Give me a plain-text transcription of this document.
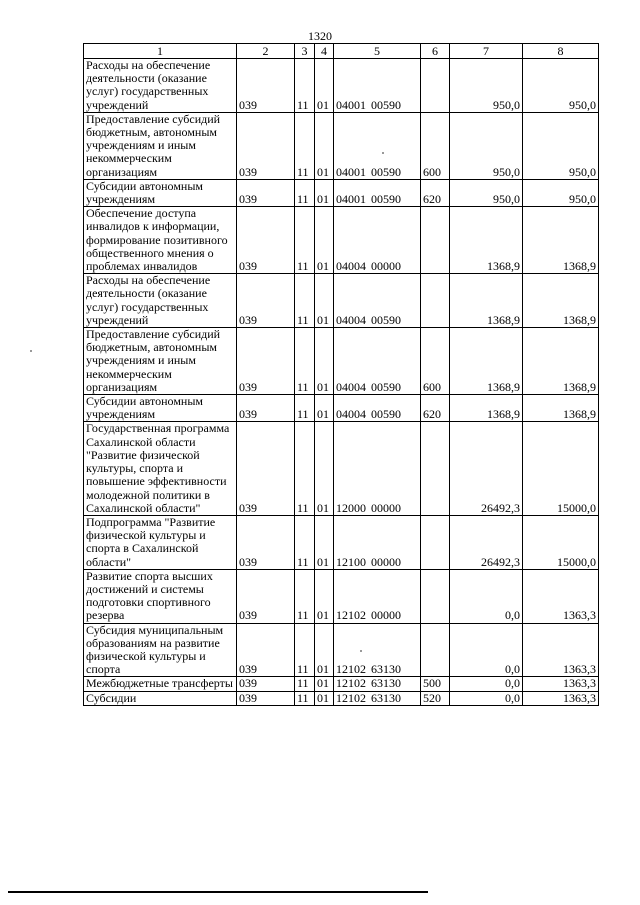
1320
1	2	3	4	5	6	7	8
Расходы на обеспечение деятельности (оказание услуг) государственных учреждений	039	11	01	04001 00590		950,0	950,0
Предоставление субсидий бюджетным, автономным учреждениям и иным некоммерческим организациям	039	11	01	04001 00590	600	950,0	950,0
Субсидии автономным учреждениям	039	11	01	04001 00590	620	950,0	950,0
Обеспечение доступа инвалидов к информации, формирование позитивного общественного мнения о проблемах инвалидов	039	11	01	04004 00000		1368,9	1368,9
Расходы на обеспечение деятельности (оказание услуг) государственных учреждений	039	11	01	04004 00590		1368,9	1368,9
Предоставление субсидий бюджетным, автономным учреждениям и иным некоммерческим организациям	039	11	01	04004 00590	600	1368,9	1368,9
Субсидии автономным учреждениям	039	11	01	04004 00590	620	1368,9	1368,9
Государственная программа Сахалинской области "Развитие физической культуры, спорта и повышение эффективности молодежной политики в Сахалинской области"	039	11	01	12000 00000		26492,3	15000,0
Подпрограмма "Развитие физической культуры и спорта в Сахалинской области"	039	11	01	12100 00000		26492,3	15000,0
Развитие спорта высших достижений и системы подготовки спортивного резерва	039	11	01	12102 00000		0,0	1363,3
Субсидия муниципальным образованиям на развитие физической культуры и спорта	039	11	01	12102 63130		0,0	1363,3
Межбюджетные трансферты	039	11	01	12102 63130	500	0,0	1363,3
Субсидии	039	11	01	12102 63130	520	0,0	1363,3
